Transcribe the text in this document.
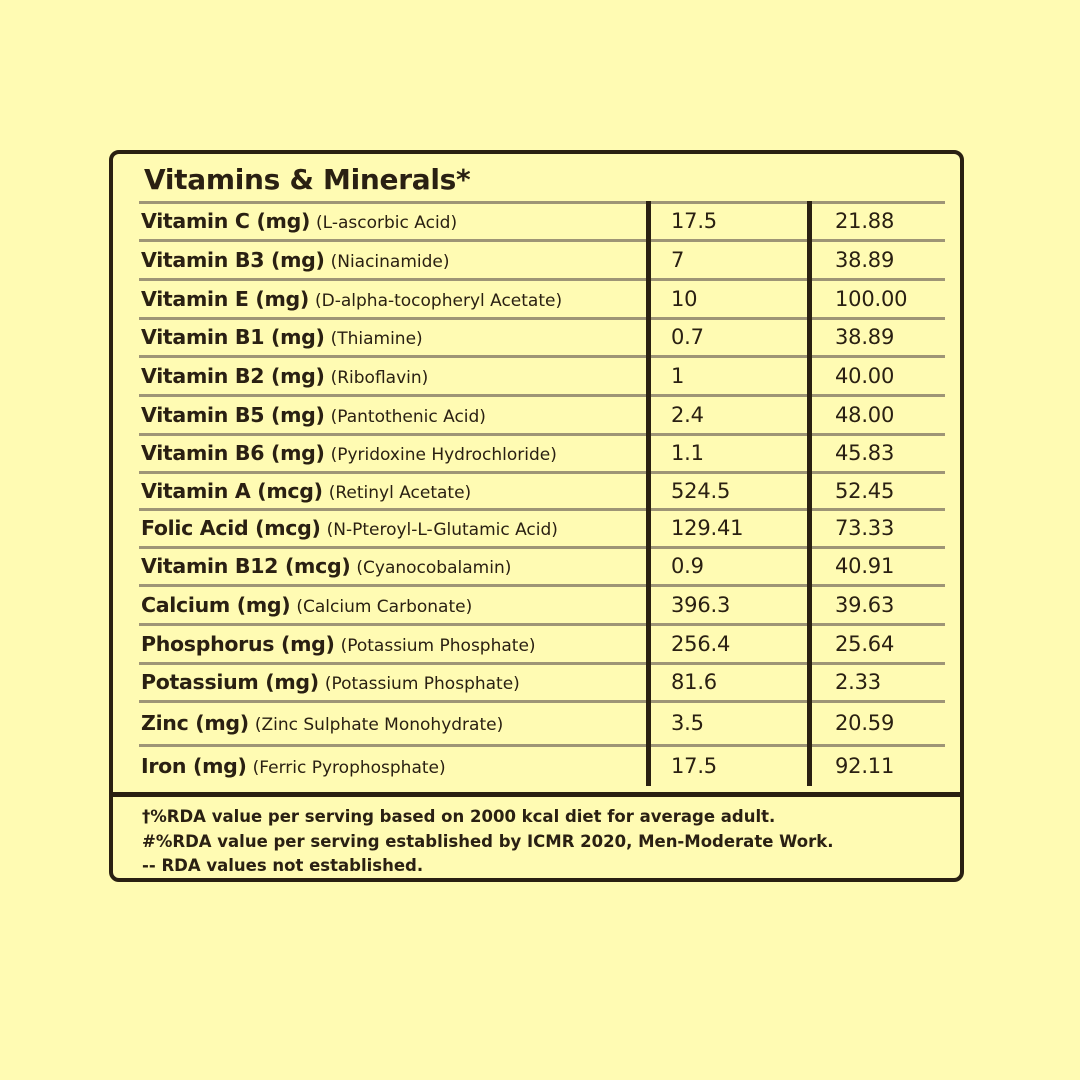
Vitamins & Minerals*
Vitamin C (mg) (L-ascorbic Acid)	17.5	21.88
Vitamin B3 (mg) (Niacinamide)	7	38.89
Vitamin E (mg) (D-alpha-tocopheryl Acetate)	10	100.00
Vitamin B1 (mg) (Thiamine)	0.7	38.89
Vitamin B2 (mg) (Riboflavin)	1	40.00
Vitamin B5 (mg) (Pantothenic Acid)	2.4	48.00
Vitamin B6 (mg) (Pyridoxine Hydrochloride)	1.1	45.83
Vitamin A (mcg) (Retinyl Acetate)	524.5	52.45
Folic Acid (mcg) (N-Pteroyl-L-Glutamic Acid)	129.41	73.33
Vitamin B12 (mcg) (Cyanocobalamin)	0.9	40.91
Calcium (mg) (Calcium Carbonate)	396.3	39.63
Phosphorus (mg) (Potassium Phosphate)	256.4	25.64
Potassium (mg) (Potassium Phosphate)	81.6	2.33
Zinc (mg) (Zinc Sulphate Monohydrate)	3.5	20.59
Iron (mg) (Ferric Pyrophosphate)	17.5	92.11
†%RDA value per serving based on 2000 kcal diet for average adult.
#%RDA value per serving established by ICMR 2020, Men-Moderate Work.
-- RDA values not established.
